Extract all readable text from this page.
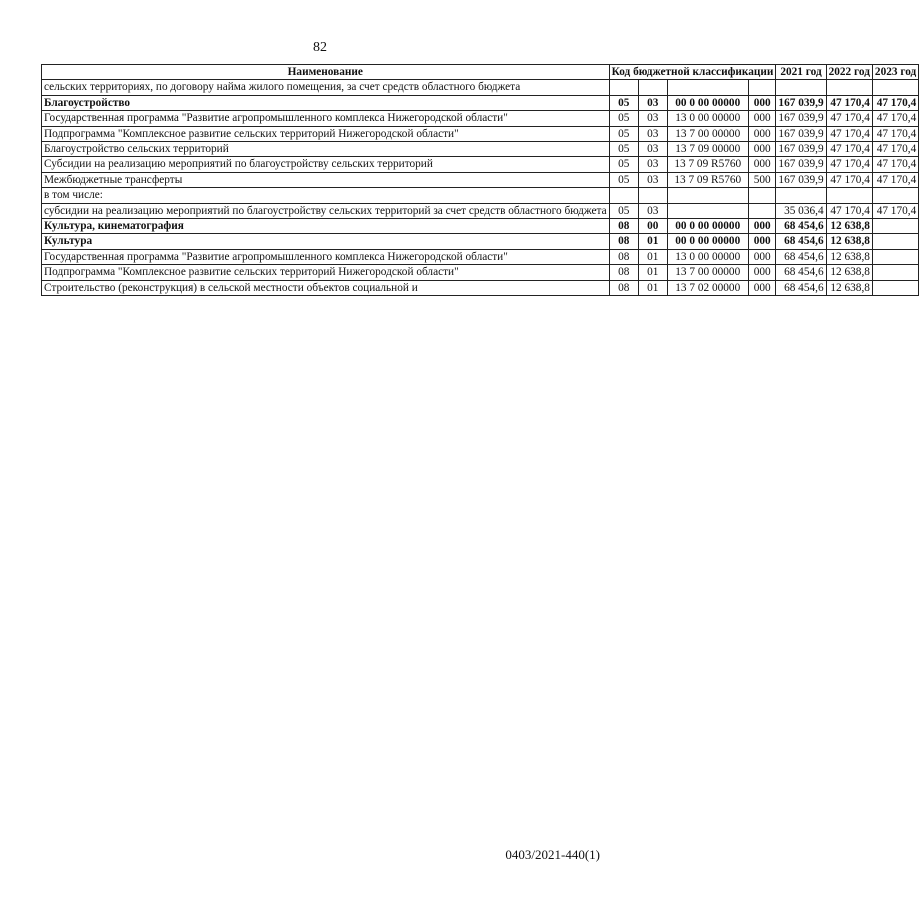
82
Наименование	Код бюджетной классификации				2021 год	2022 год	2023 год
сельских территориях, по договору найма жилого помещения, за счет средств областного бюджета							
Благоустройство	05	03	00 0 00 00000	000	167 039,9	47 170,4	47 170,4
Государственная программа "Развитие агропромышленного комплекса Нижегородской области"	05	03	13 0 00 00000	000	167 039,9	47 170,4	47 170,4
Подпрограмма "Комплексное развитие сельских территорий Нижегородской области"	05	03	13 7 00 00000	000	167 039,9	47 170,4	47 170,4
Благоустройство сельских территорий	05	03	13 7 09 00000	000	167 039,9	47 170,4	47 170,4
Субсидии на реализацию мероприятий по благоустройству сельских территорий	05	03	13 7 09 R5760	000	167 039,9	47 170,4	47 170,4
Межбюджетные трансферты	05	03	13 7 09 R5760	500	167 039,9	47 170,4	47 170,4
в том числе:							
субсидии на реализацию мероприятий по благоустройству сельских территорий за счет средств областного бюджета	05	03			35 036,4	47 170,4	47 170,4
Культура, кинематография	08	00	00 0 00 00000	000	68 454,6	12 638,8	
Культура	08	01	00 0 00 00000	000	68 454,6	12 638,8	
Государственная программа "Развитие агропромышленного комплекса Нижегородской области"	08	01	13 0 00 00000	000	68 454,6	12 638,8	
Подпрограмма "Комплексное развитие сельских территорий Нижегородской области"	08	01	13 7 00 00000	000	68 454,6	12 638,8	
Строительство (реконструкция) в сельской местности объектов социальной и	08	01	13 7 02 00000	000	68 454,6	12 638,8	
0403/2021-440(1)
